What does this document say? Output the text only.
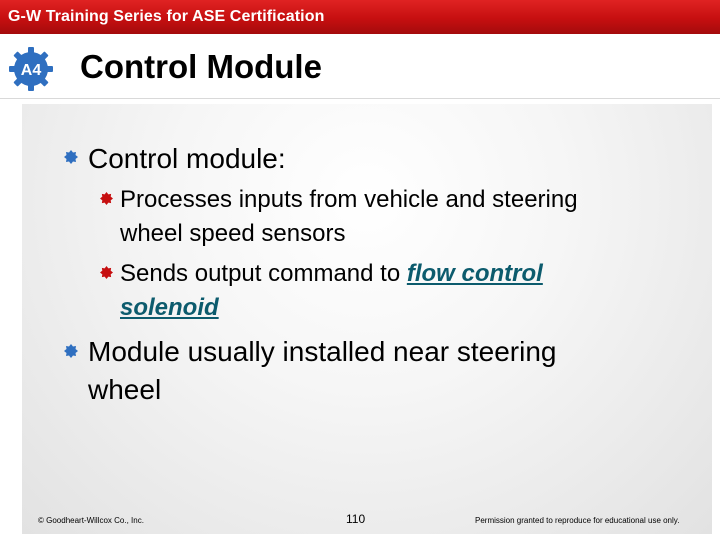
G-W Training Series for ASE Certification
A4 Control Module
Control module:
Processes inputs from vehicle and steering
wheel speed sensors
Sends output command to flow control
solenoid
Module usually installed near steering
wheel
© Goodheart-Willcox Co., Inc.	110	Permission granted to reproduce for educational use only.
